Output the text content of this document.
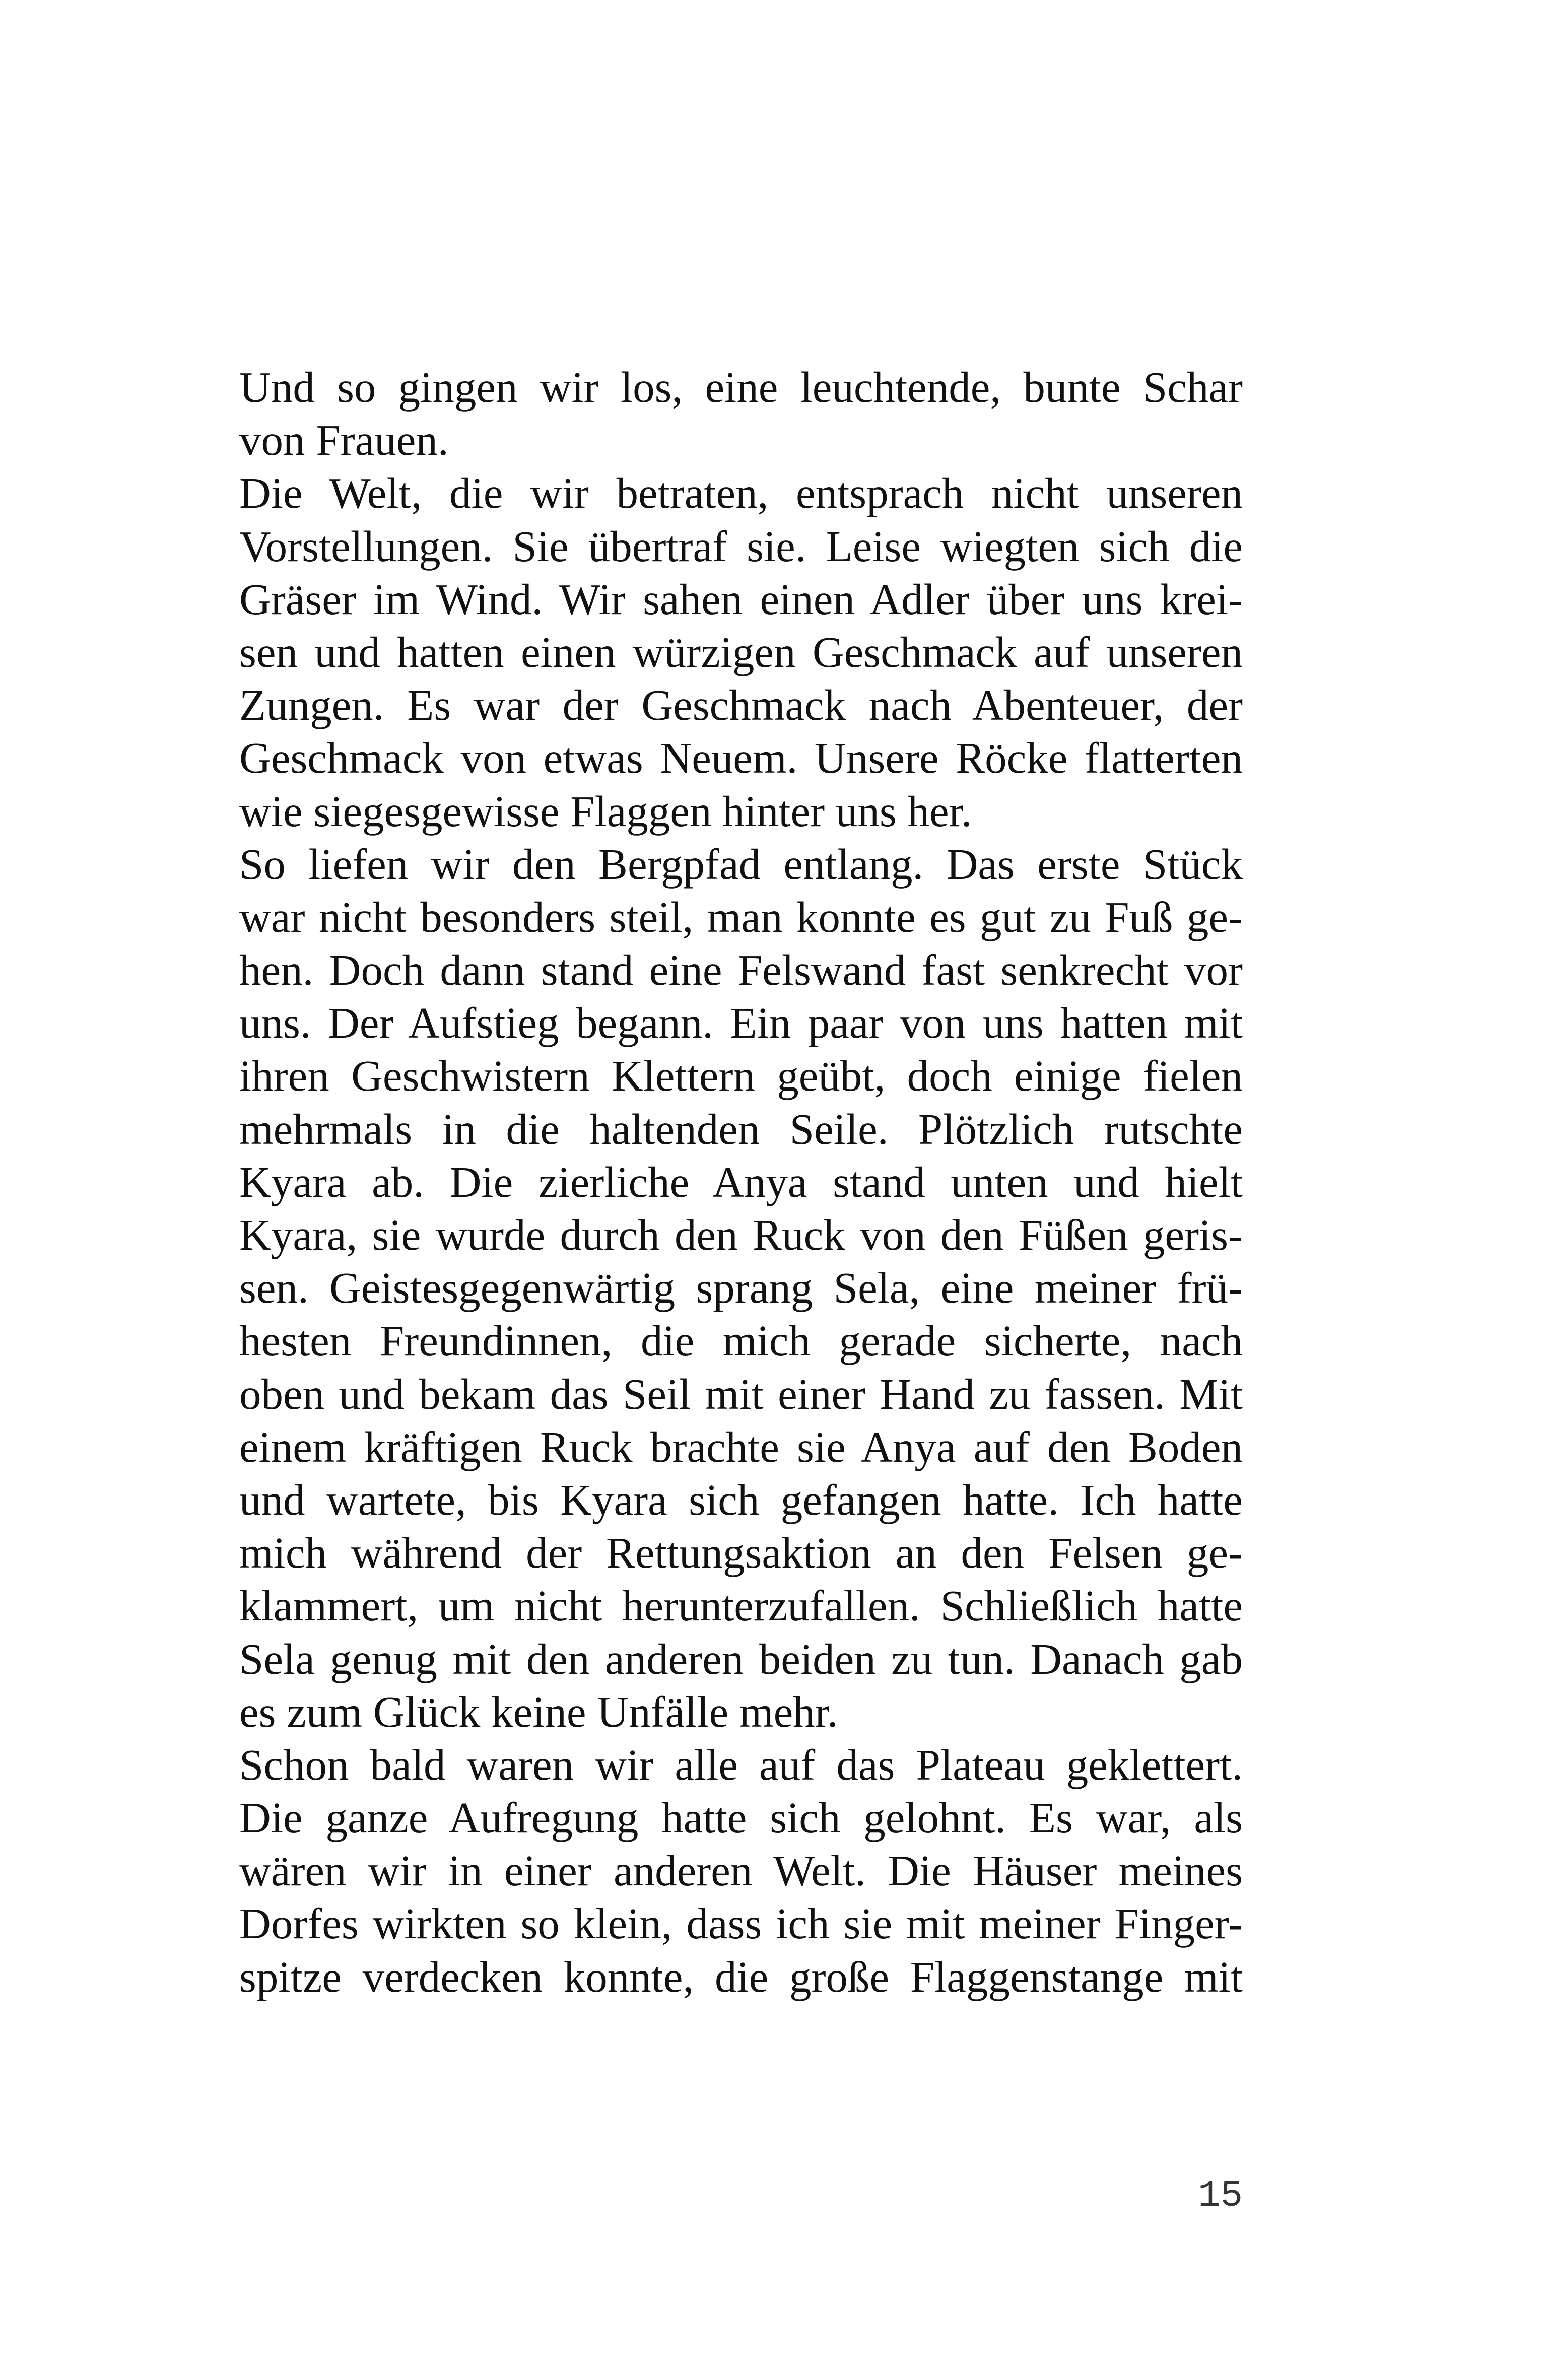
Und so gingen wir los, eine leuchtende, bunte Schar
von Frauen.
Die Welt, die wir betraten, entsprach nicht unseren
Vorstellungen. Sie übertraf sie. Leise wiegten sich die
Gräser im Wind. Wir sahen einen Adler über uns krei-
sen und hatten einen würzigen Geschmack auf unseren
Zungen. Es war der Geschmack nach Abenteuer, der
Geschmack von etwas Neuem. Unsere Röcke flatterten
wie siegesgewisse Flaggen hinter uns her.
So liefen wir den Bergpfad entlang. Das erste Stück
war nicht besonders steil, man konnte es gut zu Fuß ge-
hen. Doch dann stand eine Felswand fast senkrecht vor
uns. Der Aufstieg begann. Ein paar von uns hatten mit
ihren Geschwistern Klettern geübt, doch einige fielen
mehrmals in die haltenden Seile. Plötzlich rutschte
Kyara ab. Die zierliche Anya stand unten und hielt
Kyara, sie wurde durch den Ruck von den Füßen geris-
sen. Geistesgegenwärtig sprang Sela, eine meiner frü-
hesten Freundinnen, die mich gerade sicherte, nach
oben und bekam das Seil mit einer Hand zu fassen. Mit
einem kräftigen Ruck brachte sie Anya auf den Boden
und wartete, bis Kyara sich gefangen hatte. Ich hatte
mich während der Rettungsaktion an den Felsen ge-
klammert, um nicht herunterzufallen. Schließlich hatte
Sela genug mit den anderen beiden zu tun. Danach gab
es zum Glück keine Unfälle mehr.
Schon bald waren wir alle auf das Plateau geklettert.
Die ganze Aufregung hatte sich gelohnt. Es war, als
wären wir in einer anderen Welt. Die Häuser meines
Dorfes wirkten so klein, dass ich sie mit meiner Finger-
spitze verdecken konnte, die große Flaggenstange mit
15
